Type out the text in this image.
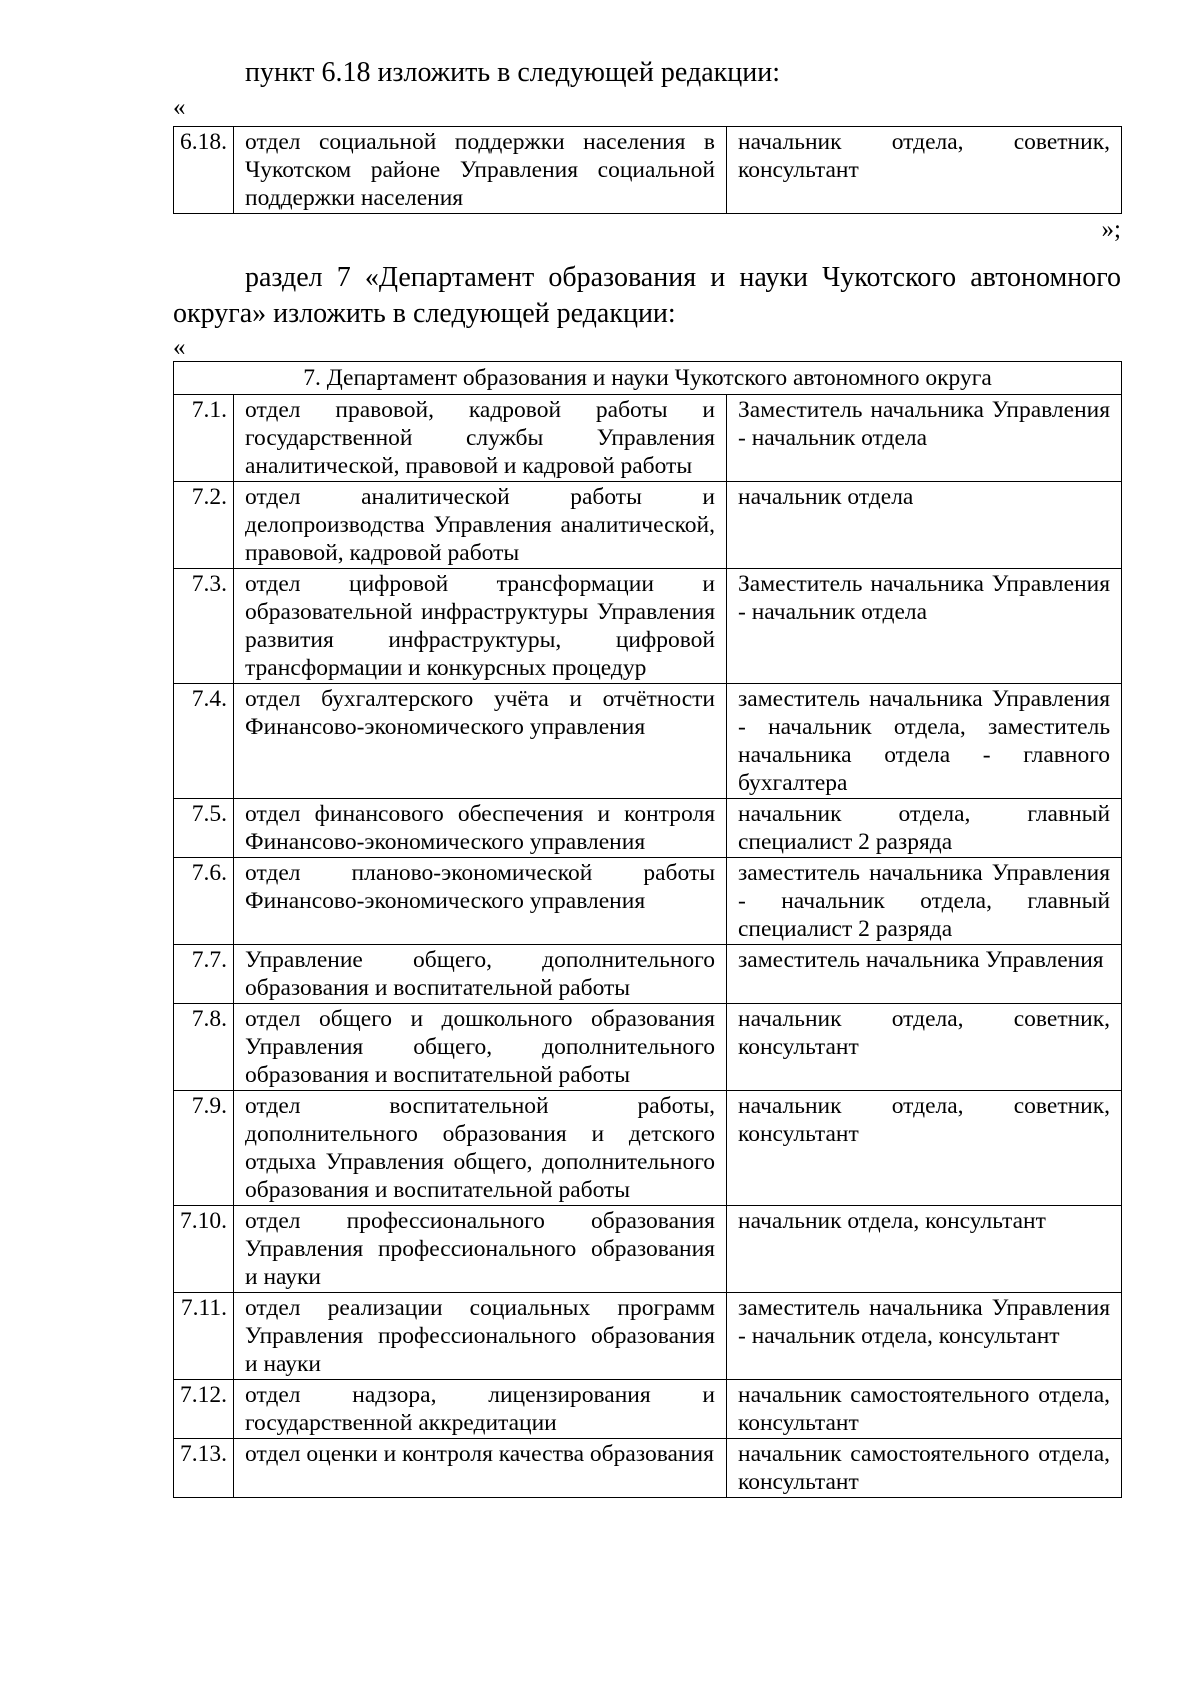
пункт 6.18 изложить в следующей редакции:

«
6.18.	отдел социальной поддержки населения в Чукотском районе Управления социальной поддержки населения	начальник отдела, советник, консультант
»;

раздел 7 «Департамент образования и науки Чукотского автономного округа» изложить в следующей редакции:

«
7. Департамент образования и науки Чукотского автономного округа		
7.1.	отдел правовой, кадровой работы и государственной службы Управления аналитической, правовой и кадровой работы	Заместитель начальника Управления - начальник отдела
7.2.	отдел аналитической работы и делопроизводства Управления аналитической, правовой, кадровой работы	начальник отдела
7.3.	отдел цифровой трансформации и образовательной инфраструктуры Управления развития инфраструктуры, цифровой трансформации и конкурсных процедур	Заместитель начальника Управления - начальник отдела
7.4.	отдел бухгалтерского учёта и отчётности Финансово-экономического управления	заместитель начальника Управления - начальник отдела, заместитель начальника отдела - главного бухгалтера
7.5.	отдел финансового обеспечения и контроля Финансово-экономического управления	начальник отдела, главный специалист 2 разряда
7.6.	отдел планово-экономической работы Финансово-экономического управления	заместитель начальника Управления - начальник отдела, главный специалист 2 разряда
7.7.	Управление общего, дополнительного образования и воспитательной работы	заместитель начальника Управления
7.8.	отдел общего и дошкольного образования Управления общего, дополнительного образования и воспитательной работы	начальник отдела, советник, консультант
7.9.	отдел воспитательной работы, дополнительного образования и детского отдыха Управления общего, дополнительного образования и воспитательной работы	начальник отдела, советник, консультант
7.10.	отдел профессионального образования Управления профессионального образования и науки	начальник отдела, консультант
7.11.	отдел реализации социальных программ Управления профессионального образования и науки	заместитель начальника Управления - начальник отдела, консультант
7.12.	отдел надзора, лицензирования и государственной аккредитации	начальник самостоятельного отдела, консультант
7.13.	отдел оценки и контроля качества образования	начальник самостоятельного отдела, консультант
